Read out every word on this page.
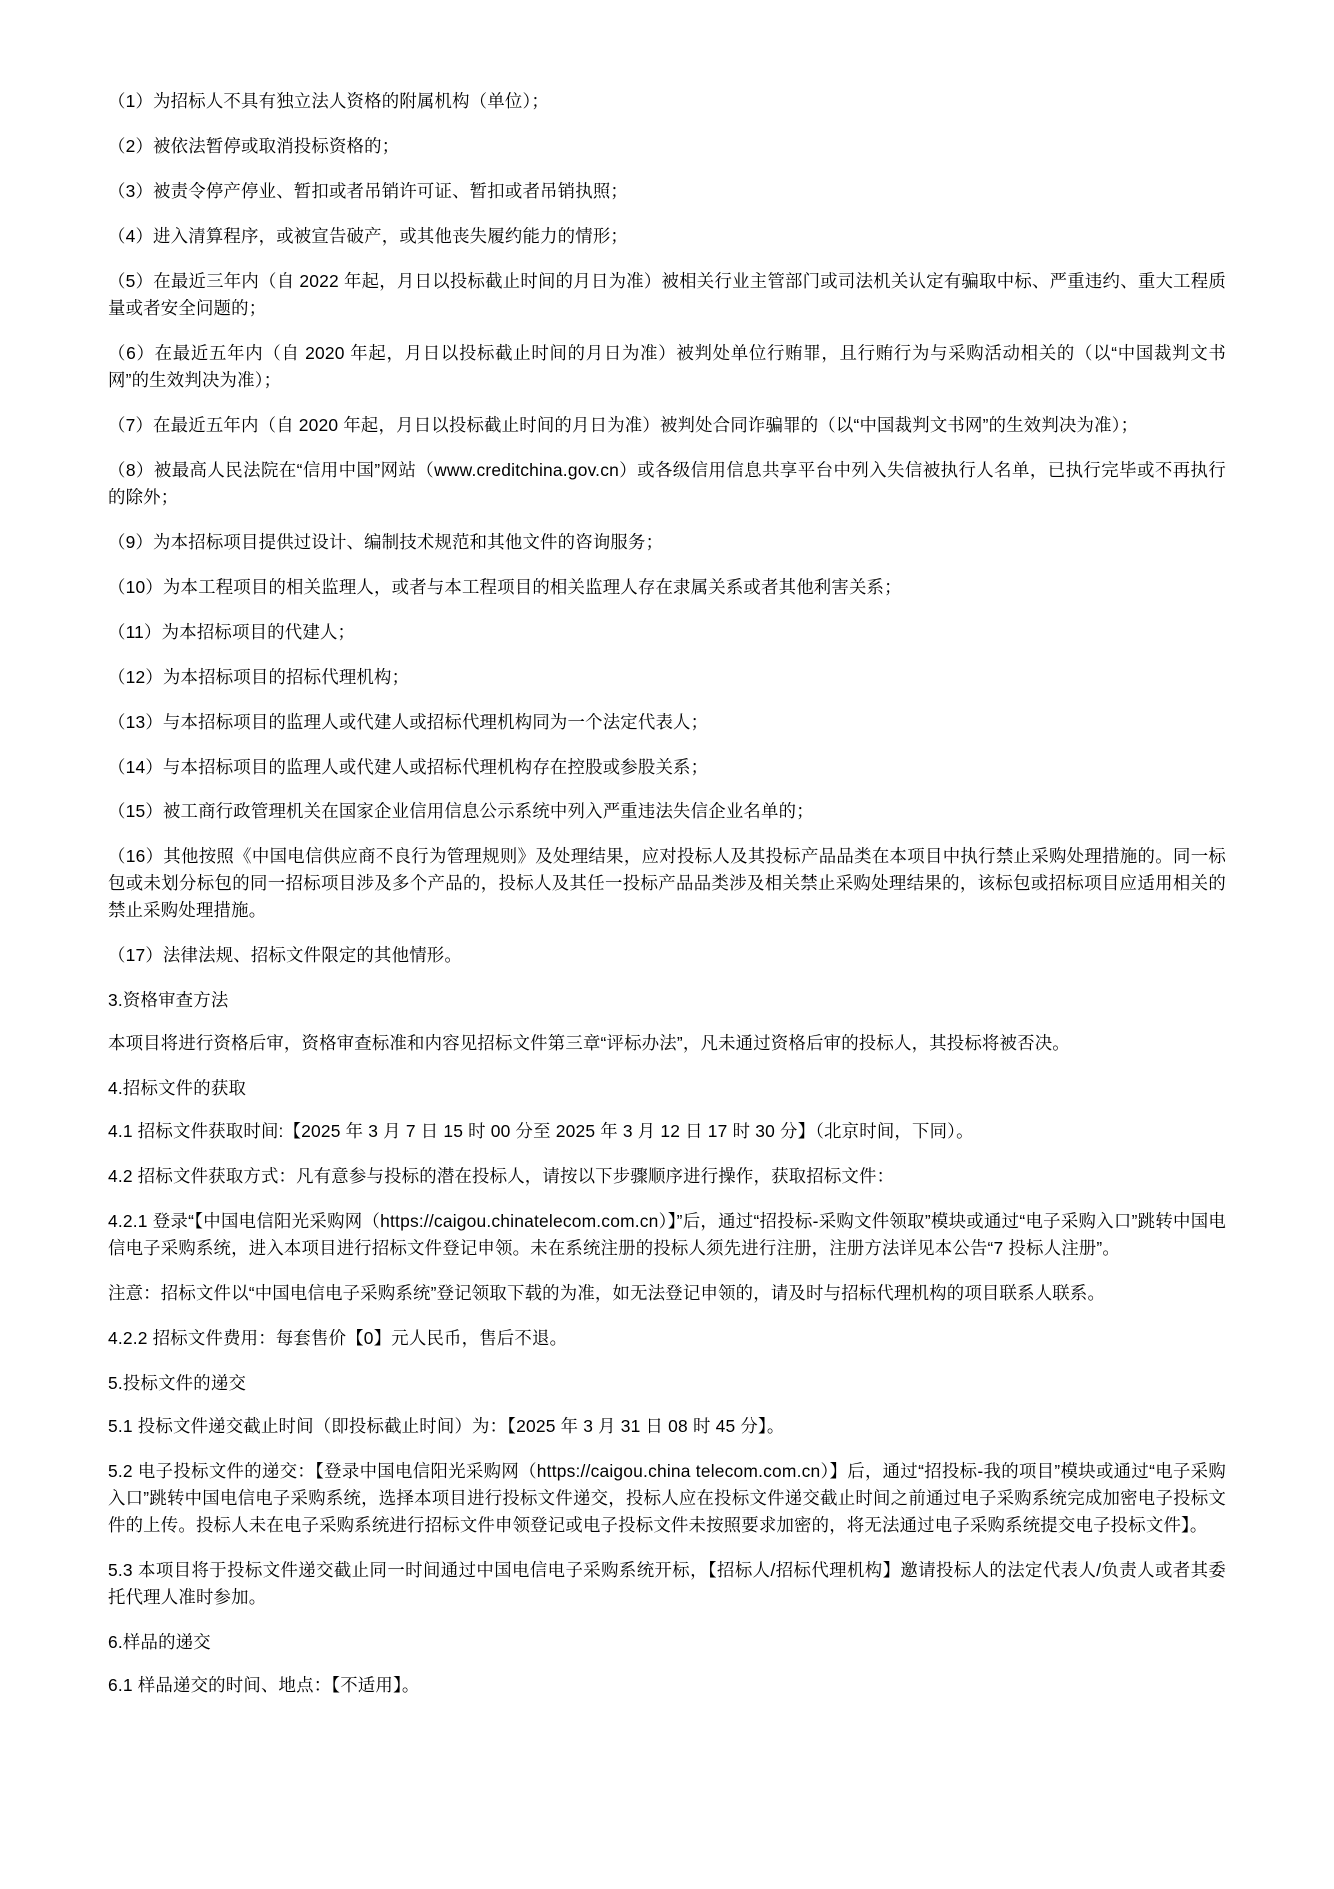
（1）为招标人不具有独立法人资格的附属机构（单位）；

（2）被依法暂停或取消投标资格的；

（3）被责令停产停业、暂扣或者吊销许可证、暂扣或者吊销执照；

（4）进入清算程序，或被宣告破产，或其他丧失履约能力的情形；

（5）在最近三年内（自 2022 年起，月日以投标截止时间的月日为准）被相关行业主管部门或司法机关认定有骗取中标、严重违约、重大工程质量或者安全问题的；

（6）在最近五年内（自 2020 年起，月日以投标截止时间的月日为准）被判处单位行贿罪，且行贿行为与采购活动相关的（以“中国裁判文书网”的生效判决为准）；

（7）在最近五年内（自 2020 年起，月日以投标截止时间的月日为准）被判处合同诈骗罪的（以“中国裁判文书网”的生效判决为准）；

（8）被最高人民法院在“信用中国”网站（www.creditchina.gov.cn）或各级信用信息共享平台中列入失信被执行人名单，已执行完毕或不再执行的除外；

（9）为本招标项目提供过设计、编制技术规范和其他文件的咨询服务；

（10）为本工程项目的相关监理人，或者与本工程项目的相关监理人存在隶属关系或者其他利害关系；

（11）为本招标项目的代建人；

（12）为本招标项目的招标代理机构；

（13）与本招标项目的监理人或代建人或招标代理机构同为一个法定代表人；

（14）与本招标项目的监理人或代建人或招标代理机构存在控股或参股关系；

（15）被工商行政管理机关在国家企业信用信息公示系统中列入严重违法失信企业名单的；

（16）其他按照《中国电信供应商不良行为管理规则》及处理结果，应对投标人及其投标产品品类在本项目中执行禁止采购处理措施的。同一标包或未划分标包的同一招标项目涉及多个产品的，投标人及其任一投标产品品类涉及相关禁止采购处理结果的，该标包或招标项目应适用相关的禁止采购处理措施。

（17）法律法规、招标文件限定的其他情形。

3.资格审查方法

本项目将进行资格后审，资格审查标准和内容见招标文件第三章“评标办法”，凡未通过资格后审的投标人，其投标将被否决。

4.招标文件的获取

4.1 招标文件获取时间:【2025 年 3 月 7 日 15 时 00 分至 2025 年 3 月 12 日 17 时 30 分】（北京时间，下同）。

4.2 招标文件获取方式：凡有意参与投标的潜在投标人，请按以下步骤顺序进行操作，获取招标文件：

4.2.1 登录“【中国电信阳光采购网（https://caigou.chinatelecom.com.cn）】”后，通过“招投标-采购文件领取”模块或通过“电子采购入口”跳转中国电信电子采购系统，进入本项目进行招标文件登记申领。未在系统注册的投标人须先进行注册，注册方法详见本公告“7 投标人注册”。

注意：招标文件以“中国电信电子采购系统”登记领取下载的为准，如无法登记申领的，请及时与招标代理机构的项目联系人联系。

4.2.2 招标文件费用：每套售价【0】元人民币，售后不退。

5.投标文件的递交

5.1 投标文件递交截止时间（即投标截止时间）为：【2025 年 3 月 31 日 08 时 45 分】。

5.2 电子投标文件的递交：【登录中国电信阳光采购网（https://caigou.china telecom.com.cn）】后，通过“招投标-我的项目”模块或通过“电子采购入口”跳转中国电信电子采购系统，选择本项目进行投标文件递交，投标人应在投标文件递交截止时间之前通过电子采购系统完成加密电子投标文件的上传。投标人未在电子采购系统进行招标文件申领登记或电子投标文件未按照要求加密的，将无法通过电子采购系统提交电子投标文件】。

5.3 本项目将于投标文件递交截止同一时间通过中国电信电子采购系统开标，【招标人/招标代理机构】邀请投标人的法定代表人/负责人或者其委托代理人准时参加。

6.样品的递交

6.1 样品递交的时间、地点：【不适用】。
